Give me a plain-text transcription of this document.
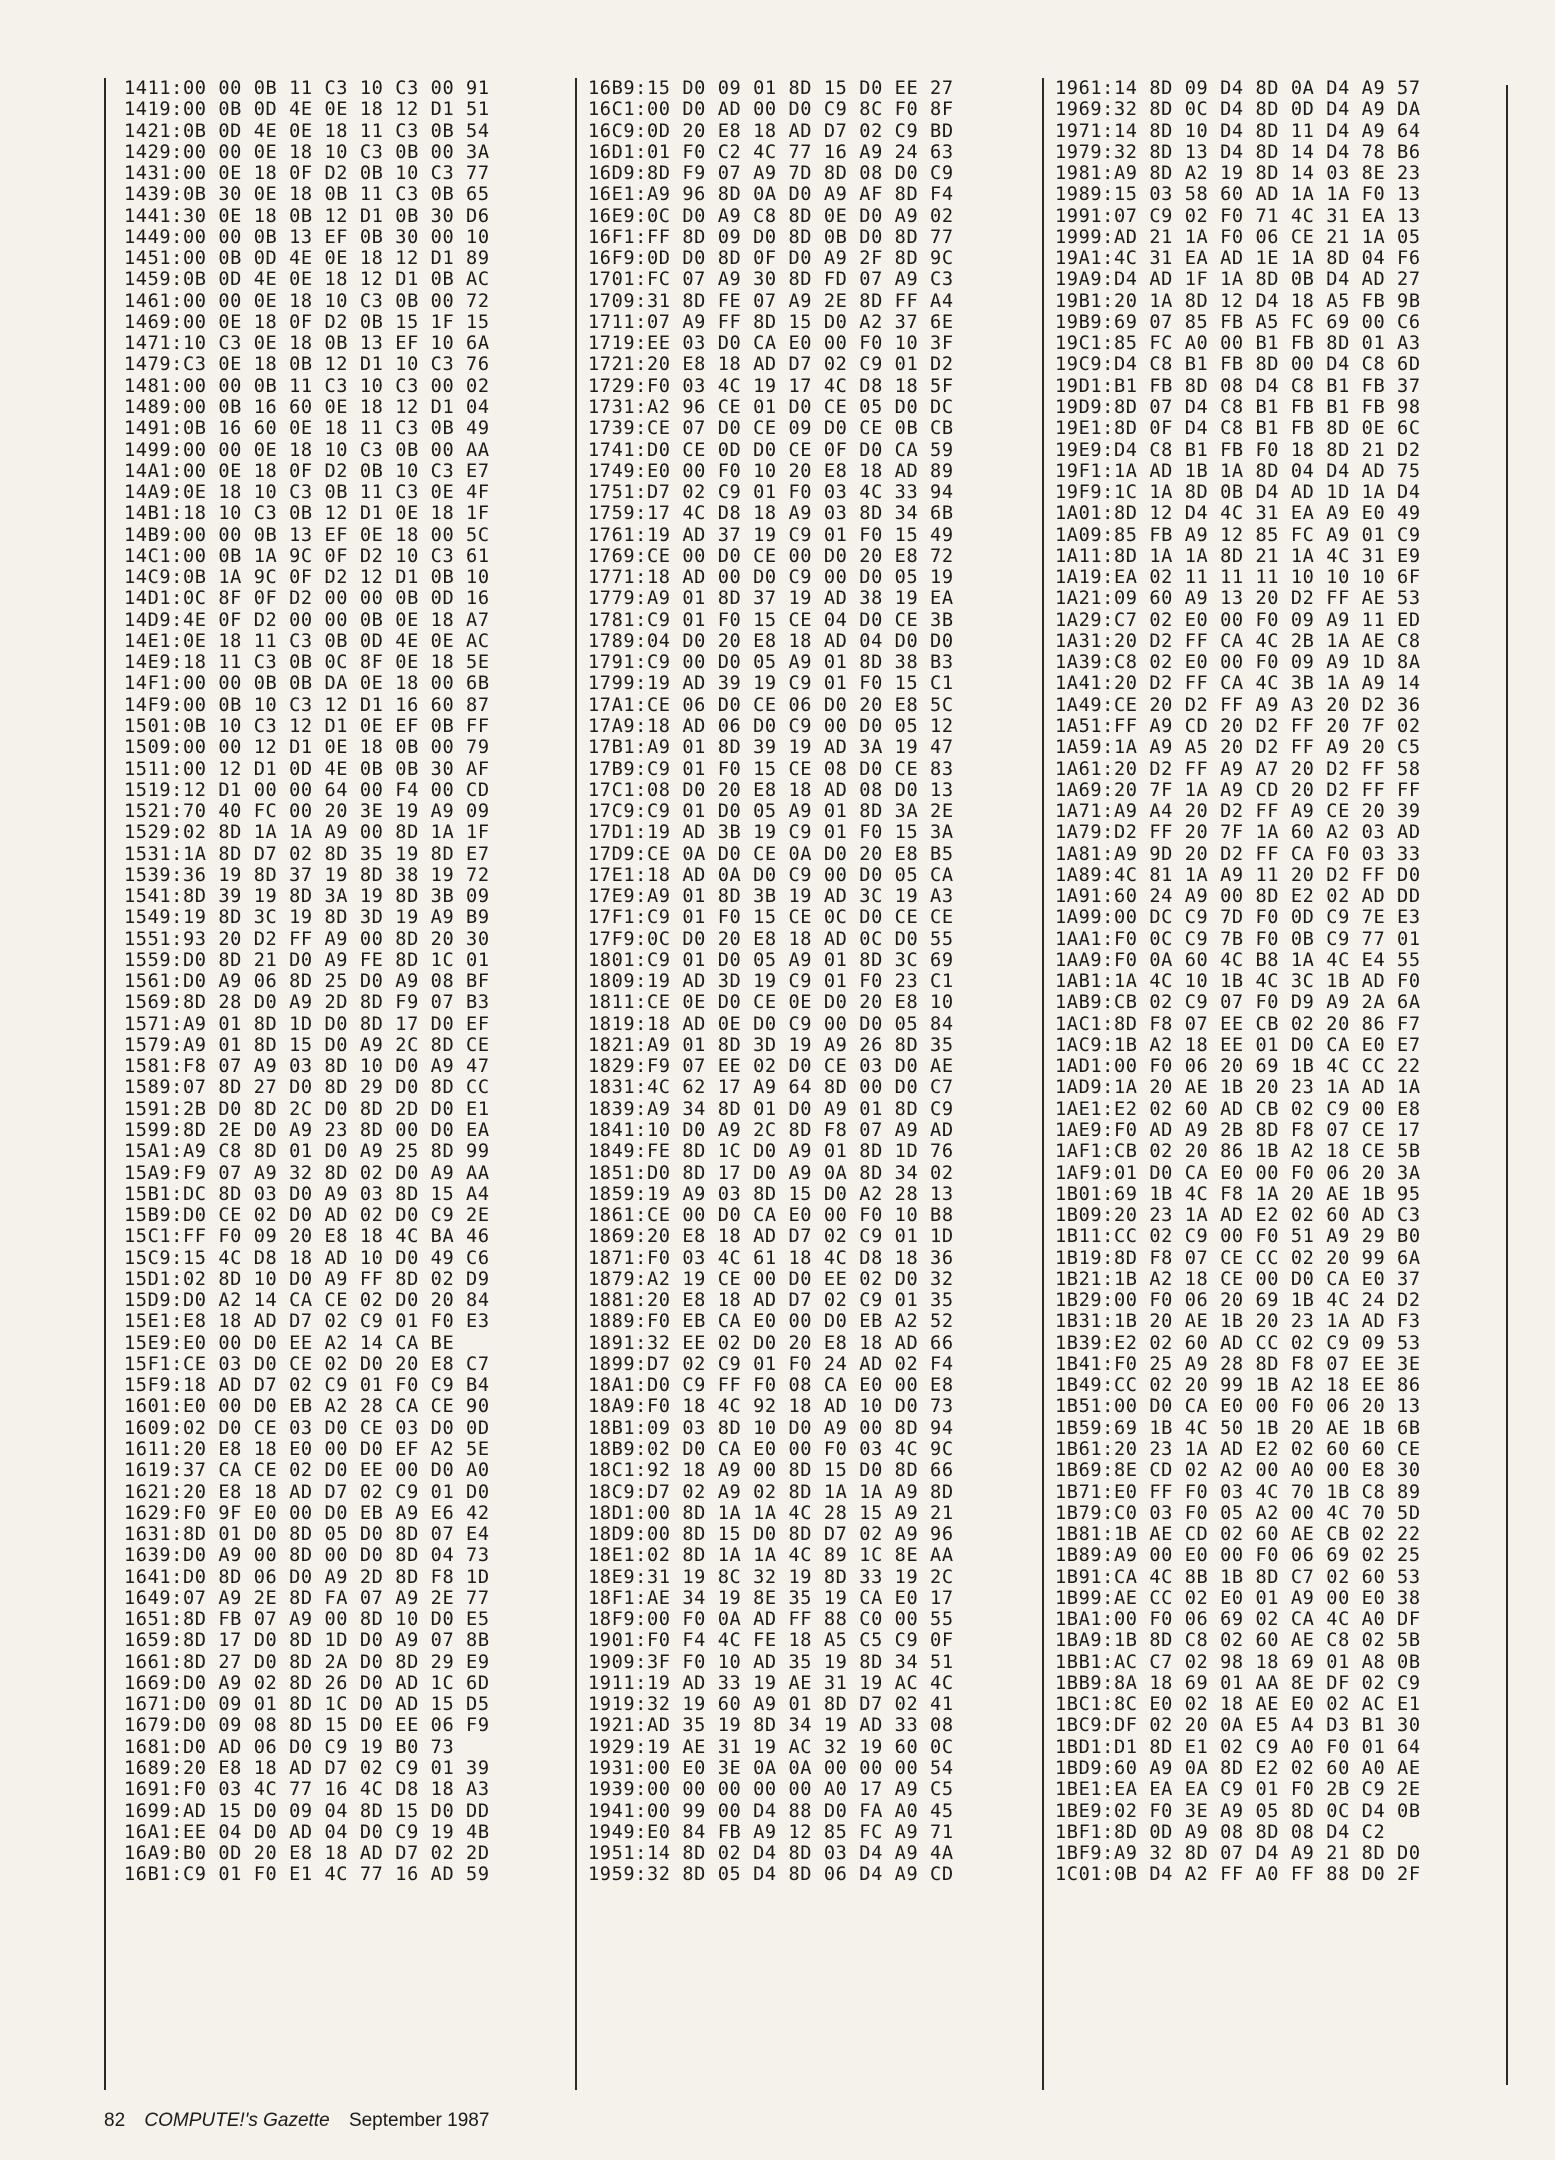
1411:00 00 0B 11 C3 10 C3 00 91
1419:00 0B 0D 4E 0E 18 12 D1 51
1421:0B 0D 4E 0E 18 11 C3 0B 54
1429:00 00 0E 18 10 C3 0B 00 3A
1431:00 0E 18 0F D2 0B 10 C3 77
1439:0B 30 0E 18 0B 11 C3 0B 65
1441:30 0E 18 0B 12 D1 0B 30 D6
1449:00 00 0B 13 EF 0B 30 00 10
1451:00 0B 0D 4E 0E 18 12 D1 89
1459:0B 0D 4E 0E 18 12 D1 0B AC
1461:00 00 0E 18 10 C3 0B 00 72
1469:00 0E 18 0F D2 0B 15 1F 15
1471:10 C3 0E 18 0B 13 EF 10 6A
1479:C3 0E 18 0B 12 D1 10 C3 76
1481:00 00 0B 11 C3 10 C3 00 02
1489:00 0B 16 60 0E 18 12 D1 04
1491:0B 16 60 0E 18 11 C3 0B 49
1499:00 00 0E 18 10 C3 0B 00 AA
14A1:00 0E 18 0F D2 0B 10 C3 E7
14A9:0E 18 10 C3 0B 11 C3 0E 4F
14B1:18 10 C3 0B 12 D1 0E 18 1F
14B9:00 00 0B 13 EF 0E 18 00 5C
14C1:00 0B 1A 9C 0F D2 10 C3 61
14C9:0B 1A 9C 0F D2 12 D1 0B 10
14D1:0C 8F 0F D2 00 00 0B 0D 16
14D9:4E 0F D2 00 00 0B 0E 18 A7
14E1:0E 18 11 C3 0B 0D 4E 0E AC
14E9:18 11 C3 0B 0C 8F 0E 18 5E
14F1:00 00 0B 0B DA 0E 18 00 6B
14F9:00 0B 10 C3 12 D1 16 60 87
1501:0B 10 C3 12 D1 0E EF 0B FF
1509:00 00 12 D1 0E 18 0B 00 79
1511:00 12 D1 0D 4E 0B 0B 30 AF
1519:12 D1 00 00 64 00 F4 00 CD
1521:70 40 FC 00 20 3E 19 A9 09
1529:02 8D 1A 1A A9 00 8D 1A 1F
1531:1A 8D D7 02 8D 35 19 8D E7
1539:36 19 8D 37 19 8D 38 19 72
1541:8D 39 19 8D 3A 19 8D 3B 09
1549:19 8D 3C 19 8D 3D 19 A9 B9
1551:93 20 D2 FF A9 00 8D 20 30
1559:D0 8D 21 D0 A9 FE 8D 1C 01
1561:D0 A9 06 8D 25 D0 A9 08 BF
1569:8D 28 D0 A9 2D 8D F9 07 B3
1571:A9 01 8D 1D D0 8D 17 D0 EF
1579:A9 01 8D 15 D0 A9 2C 8D CE
1581:F8 07 A9 03 8D 10 D0 A9 47
1589:07 8D 27 D0 8D 29 D0 8D CC
1591:2B D0 8D 2C D0 8D 2D D0 E1
1599:8D 2E D0 A9 23 8D 00 D0 EA
15A1:A9 C8 8D 01 D0 A9 25 8D 99
15A9:F9 07 A9 32 8D 02 D0 A9 AA
15B1:DC 8D 03 D0 A9 03 8D 15 A4
15B9:D0 CE 02 D0 AD 02 D0 C9 2E
15C1:FF F0 09 20 E8 18 4C BA 46
15C9:15 4C D8 18 AD 10 D0 49 C6
15D1:02 8D 10 D0 A9 FF 8D 02 D9
15D9:D0 A2 14 CA CE 02 D0 20 84
15E1:E8 18 AD D7 02 C9 01 F0 E3
15E9:E0 00 D0 EE A2 14 CA BE
15F1:CE 03 D0 CE 02 D0 20 E8 C7
15F9:18 AD D7 02 C9 01 F0 C9 B4
1601:E0 00 D0 EB A2 28 CA CE 90
1609:02 D0 CE 03 D0 CE 03 D0 0D
1611:20 E8 18 E0 00 D0 EF A2 5E
1619:37 CA CE 02 D0 EE 00 D0 A0
1621:20 E8 18 AD D7 02 C9 01 D0
1629:F0 9F E0 00 D0 EB A9 E6 42
1631:8D 01 D0 8D 05 D0 8D 07 E4
1639:D0 A9 00 8D 00 D0 8D 04 73
1641:D0 8D 06 D0 A9 2D 8D F8 1D
1649:07 A9 2E 8D FA 07 A9 2E 77
1651:8D FB 07 A9 00 8D 10 D0 E5
1659:8D 17 D0 8D 1D D0 A9 07 8B
1661:8D 27 D0 8D 2A D0 8D 29 E9
1669:D0 A9 02 8D 26 D0 AD 1C 6D
1671:D0 09 01 8D 1C D0 AD 15 D5
1679:D0 09 08 8D 15 D0 EE 06 F9
1681:D0 AD 06 D0 C9 19 B0 73
1689:20 E8 18 AD D7 02 C9 01 39
1691:F0 03 4C 77 16 4C D8 18 A3
1699:AD 15 D0 09 04 8D 15 D0 DD
16A1:EE 04 D0 AD 04 D0 C9 19 4B
16A9:B0 0D 20 E8 18 AD D7 02 2D
16B1:C9 01 F0 E1 4C 77 16 AD 59
16B9:15 D0 09 01 8D 15 D0 EE 27
16C1:00 D0 AD 00 D0 C9 8C F0 8F
16C9:0D 20 E8 18 AD D7 02 C9 BD
16D1:01 F0 C2 4C 77 16 A9 24 63
16D9:8D F9 07 A9 7D 8D 08 D0 C9
16E1:A9 96 8D 0A D0 A9 AF 8D F4
16E9:0C D0 A9 C8 8D 0E D0 A9 02
16F1:FF 8D 09 D0 8D 0B D0 8D 77
16F9:0D D0 8D 0F D0 A9 2F 8D 9C
1701:FC 07 A9 30 8D FD 07 A9 C3
1709:31 8D FE 07 A9 2E 8D FF A4
1711:07 A9 FF 8D 15 D0 A2 37 6E
1719:EE 03 D0 CA E0 00 F0 10 3F
1721:20 E8 18 AD D7 02 C9 01 D2
1729:F0 03 4C 19 17 4C D8 18 5F
1731:A2 96 CE 01 D0 CE 05 D0 DC
1739:CE 07 D0 CE 09 D0 CE 0B CB
1741:D0 CE 0D D0 CE 0F D0 CA 59
1749:E0 00 F0 10 20 E8 18 AD 89
1751:D7 02 C9 01 F0 03 4C 33 94
1759:17 4C D8 18 A9 03 8D 34 6B
1761:19 AD 37 19 C9 01 F0 15 49
1769:CE 00 D0 CE 00 D0 20 E8 72
1771:18 AD 00 D0 C9 00 D0 05 19
1779:A9 01 8D 37 19 AD 38 19 EA
1781:C9 01 F0 15 CE 04 D0 CE 3B
1789:04 D0 20 E8 18 AD 04 D0 D0
1791:C9 00 D0 05 A9 01 8D 38 B3
1799:19 AD 39 19 C9 01 F0 15 C1
17A1:CE 06 D0 CE 06 D0 20 E8 5C
17A9:18 AD 06 D0 C9 00 D0 05 12
17B1:A9 01 8D 39 19 AD 3A 19 47
17B9:C9 01 F0 15 CE 08 D0 CE 83
17C1:08 D0 20 E8 18 AD 08 D0 13
17C9:C9 01 D0 05 A9 01 8D 3A 2E
17D1:19 AD 3B 19 C9 01 F0 15 3A
17D9:CE 0A D0 CE 0A D0 20 E8 B5
17E1:18 AD 0A D0 C9 00 D0 05 CA
17E9:A9 01 8D 3B 19 AD 3C 19 A3
17F1:C9 01 F0 15 CE 0C D0 CE CE
17F9:0C D0 20 E8 18 AD 0C D0 55
1801:C9 01 D0 05 A9 01 8D 3C 69
1809:19 AD 3D 19 C9 01 F0 23 C1
1811:CE 0E D0 CE 0E D0 20 E8 10
1819:18 AD 0E D0 C9 00 D0 05 84
1821:A9 01 8D 3D 19 A9 26 8D 35
1829:F9 07 EE 02 D0 CE 03 D0 AE
1831:4C 62 17 A9 64 8D 00 D0 C7
1839:A9 34 8D 01 D0 A9 01 8D C9
1841:10 D0 A9 2C 8D F8 07 A9 AD
1849:FE 8D 1C D0 A9 01 8D 1D 76
1851:D0 8D 17 D0 A9 0A 8D 34 02
1859:19 A9 03 8D 15 D0 A2 28 13
1861:CE 00 D0 CA E0 00 F0 10 B8
1869:20 E8 18 AD D7 02 C9 01 1D
1871:F0 03 4C 61 18 4C D8 18 36
1879:A2 19 CE 00 D0 EE 02 D0 32
1881:20 E8 18 AD D7 02 C9 01 35
1889:F0 EB CA E0 00 D0 EB A2 52
1891:32 EE 02 D0 20 E8 18 AD 66
1899:D7 02 C9 01 F0 24 AD 02 F4
18A1:D0 C9 FF F0 08 CA E0 00 E8
18A9:F0 18 4C 92 18 AD 10 D0 73
18B1:09 03 8D 10 D0 A9 00 8D 94
18B9:02 D0 CA E0 00 F0 03 4C 9C
18C1:92 18 A9 00 8D 15 D0 8D 66
18C9:D7 02 A9 02 8D 1A 1A A9 8D
18D1:00 8D 1A 1A 4C 28 15 A9 21
18D9:00 8D 15 D0 8D D7 02 A9 96
18E1:02 8D 1A 1A 4C 89 1C 8E AA
18E9:31 19 8C 32 19 8D 33 19 2C
18F1:AE 34 19 8E 35 19 CA E0 17
18F9:00 F0 0A AD FF 88 C0 00 55
1901:F0 F4 4C FE 18 A5 C5 C9 0F
1909:3F F0 10 AD 35 19 8D 34 51
1911:19 AD 33 19 AE 31 19 AC 4C
1919:32 19 60 A9 01 8D D7 02 41
1921:AD 35 19 8D 34 19 AD 33 08
1929:19 AE 31 19 AC 32 19 60 0C
1931:00 E0 3E 0A 0A 00 00 00 54
1939:00 00 00 00 00 A0 17 A9 C5
1941:00 99 00 D4 88 D0 FA A0 45
1949:E0 84 FB A9 12 85 FC A9 71
1951:14 8D 02 D4 8D 03 D4 A9 4A
1959:32 8D 05 D4 8D 06 D4 A9 CD
1961:14 8D 09 D4 8D 0A D4 A9 57
1969:32 8D 0C D4 8D 0D D4 A9 DA
1971:14 8D 10 D4 8D 11 D4 A9 64
1979:32 8D 13 D4 8D 14 D4 78 B6
1981:A9 8D A2 19 8D 14 03 8E 23
1989:15 03 58 60 AD 1A 1A F0 13
1991:07 C9 02 F0 71 4C 31 EA 13
1999:AD 21 1A F0 06 CE 21 1A 05
19A1:4C 31 EA AD 1E 1A 8D 04 F6
19A9:D4 AD 1F 1A 8D 0B D4 AD 27
19B1:20 1A 8D 12 D4 18 A5 FB 9B
19B9:69 07 85 FB A5 FC 69 00 C6
19C1:85 FC A0 00 B1 FB 8D 01 A3
19C9:D4 C8 B1 FB 8D 00 D4 C8 6D
19D1:B1 FB 8D 08 D4 C8 B1 FB 37
19D9:8D 07 D4 C8 B1 FB B1 FB 98
19E1:8D 0F D4 C8 B1 FB 8D 0E 6C
19E9:D4 C8 B1 FB F0 18 8D 21 D2
19F1:1A AD 1B 1A 8D 04 D4 AD 75
19F9:1C 1A 8D 0B D4 AD 1D 1A D4
1A01:8D 12 D4 4C 31 EA A9 E0 49
1A09:85 FB A9 12 85 FC A9 01 C9
1A11:8D 1A 1A 8D 21 1A 4C 31 E9
1A19:EA 02 11 11 11 10 10 10 6F
1A21:09 60 A9 13 20 D2 FF AE 53
1A29:C7 02 E0 00 F0 09 A9 11 ED
1A31:20 D2 FF CA 4C 2B 1A AE C8
1A39:C8 02 E0 00 F0 09 A9 1D 8A
1A41:20 D2 FF CA 4C 3B 1A A9 14
1A49:CE 20 D2 FF A9 A3 20 D2 36
1A51:FF A9 CD 20 D2 FF 20 7F 02
1A59:1A A9 A5 20 D2 FF A9 20 C5
1A61:20 D2 FF A9 A7 20 D2 FF 58
1A69:20 7F 1A A9 CD 20 D2 FF FF
1A71:A9 A4 20 D2 FF A9 CE 20 39
1A79:D2 FF 20 7F 1A 60 A2 03 AD
1A81:A9 9D 20 D2 FF CA F0 03 33
1A89:4C 81 1A A9 11 20 D2 FF D0
1A91:60 24 A9 00 8D E2 02 AD DD
1A99:00 DC C9 7D F0 0D C9 7E E3
1AA1:F0 0C C9 7B F0 0B C9 77 01
1AA9:F0 0A 60 4C B8 1A 4C E4 55
1AB1:1A 4C 10 1B 4C 3C 1B AD F0
1AB9:CB 02 C9 07 F0 D9 A9 2A 6A
1AC1:8D F8 07 EE CB 02 20 86 F7
1AC9:1B A2 18 EE 01 D0 CA E0 E7
1AD1:00 F0 06 20 69 1B 4C CC 22
1AD9:1A 20 AE 1B 20 23 1A AD 1A
1AE1:E2 02 60 AD CB 02 C9 00 E8
1AE9:F0 AD A9 2B 8D F8 07 CE 17
1AF1:CB 02 20 86 1B A2 18 CE 5B
1AF9:01 D0 CA E0 00 F0 06 20 3A
1B01:69 1B 4C F8 1A 20 AE 1B 95
1B09:20 23 1A AD E2 02 60 AD C3
1B11:CC 02 C9 00 F0 51 A9 29 B0
1B19:8D F8 07 CE CC 02 20 99 6A
1B21:1B A2 18 CE 00 D0 CA E0 37
1B29:00 F0 06 20 69 1B 4C 24 D2
1B31:1B 20 AE 1B 20 23 1A AD F3
1B39:E2 02 60 AD CC 02 C9 09 53
1B41:F0 25 A9 28 8D F8 07 EE 3E
1B49:CC 02 20 99 1B A2 18 EE 86
1B51:00 D0 CA E0 00 F0 06 20 13
1B59:69 1B 4C 50 1B 20 AE 1B 6B
1B61:20 23 1A AD E2 02 60 60 CE
1B69:8E CD 02 A2 00 A0 00 E8 30
1B71:E0 FF F0 03 4C 70 1B C8 89
1B79:C0 03 F0 05 A2 00 4C 70 5D
1B81:1B AE CD 02 60 AE CB 02 22
1B89:A9 00 E0 00 F0 06 69 02 25
1B91:CA 4C 8B 1B 8D C7 02 60 53
1B99:AE CC 02 E0 01 A9 00 E0 38
1BA1:00 F0 06 69 02 CA 4C A0 DF
1BA9:1B 8D C8 02 60 AE C8 02 5B
1BB1:AC C7 02 98 18 69 01 A8 0B
1BB9:8A 18 69 01 AA 8E DF 02 C9
1BC1:8C E0 02 18 AE E0 02 AC E1
1BC9:DF 02 20 0A E5 A4 D3 B1 30
1BD1:D1 8D E1 02 C9 A0 F0 01 64
1BD9:60 A9 0A 8D E2 02 60 A0 AE
1BE1:EA EA EA C9 01 F0 2B C9 2E
1BE9:02 F0 3E A9 05 8D 0C D4 0B
1BF1:8D 0D A9 08 8D 08 D4 C2
1BF9:A9 32 8D 07 D4 A9 21 8D D0
1C01:0B D4 A2 FF A0 FF 88 D0 2F
82 COMPUTE!'s Gazette September 1987
